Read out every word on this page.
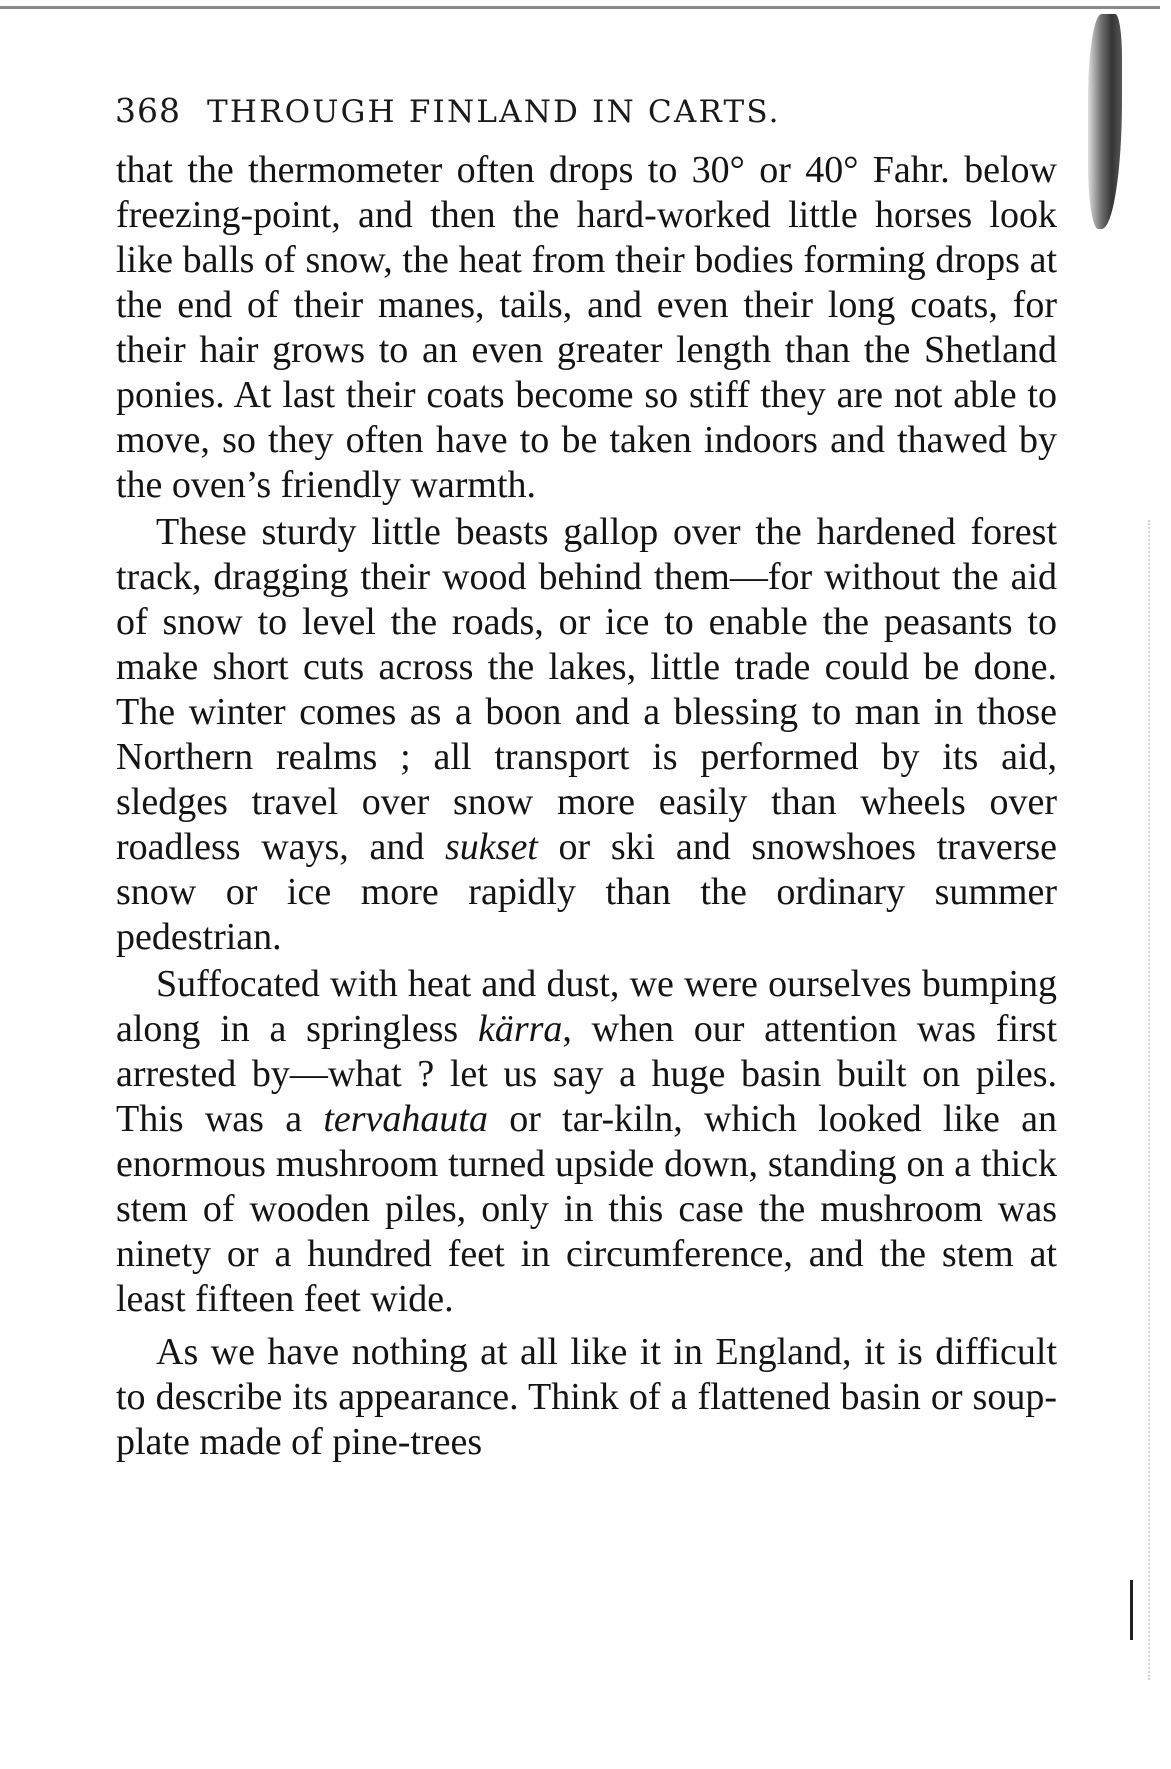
368 THROUGH FINLAND IN CARTS.

that the thermometer often drops to 30° or 40° Fahr. below freezing-point, and then the hard-worked little horses look like balls of snow, the heat from their bodies forming drops at the end of their manes, tails, and even their long coats, for their hair grows to an even greater length than the Shetland ponies. At last their coats become so stiff they are not able to move, so they often have to be taken indoors and thawed by the oven’s friendly warmth.

These sturdy little beasts gallop over the hardened forest track, dragging their wood behind them—for without the aid of snow to level the roads, or ice to enable the peasants to make short cuts across the lakes, little trade could be done. The winter comes as a boon and a blessing to man in those Northern realms ; all transport is performed by its aid, sledges travel over snow more easily than wheels over roadless ways, and sukset or ski and snowshoes traverse snow or ice more rapidly than the ordinary summer pedestrian.

Suffocated with heat and dust, we were ourselves bumping along in a springless kärra, when our attention was first arrested by—what ? let us say a huge basin built on piles. This was a tervahauta or tar-kiln, which looked like an enormous mushroom turned upside down, standing on a thick stem of wooden piles, only in this case the mushroom was ninety or a hundred feet in circumference, and the stem at least fifteen feet wide.

As we have nothing at all like it in England, it is difficult to describe its appearance. Think of a flattened basin or soup-plate made of pine-trees
